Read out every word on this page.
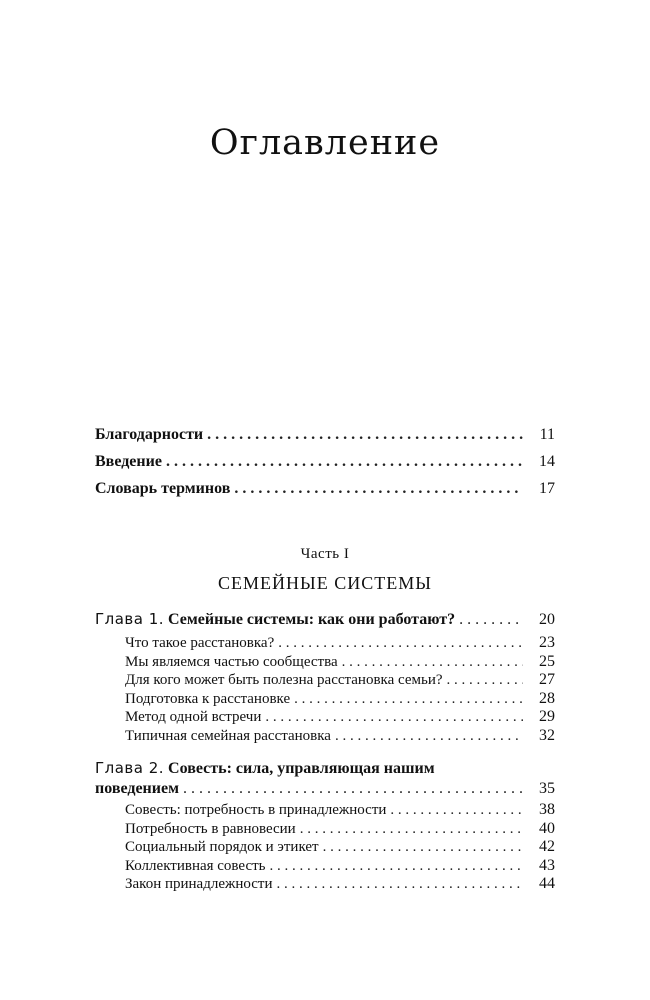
Оглавление
Благодарности . . .	11
Введение . . .	14
Словарь терминов . . .	17
Часть I
СЕМЕЙНЫЕ СИСТЕМЫ
Глава 1. Семейные системы: как они работают? . . .	20
Что такое расстановка? . . .	23
Мы являемся частью сообщества . . .	25
Для кого может быть полезна расстановка семьи? . . .	27
Подготовка к расстановке . . .	28
Метод одной встречи . . .	29
Типичная семейная расстановка . . .	32
Глава 2. Совесть: сила, управляющая нашим
поведением . . .	35
Совесть: потребность в принадлежности . . .	38
Потребность в равновесии . . .	40
Социальный порядок и этикет . . .	42
Коллективная совесть . . .	43
Закон принадлежности . . .	44
